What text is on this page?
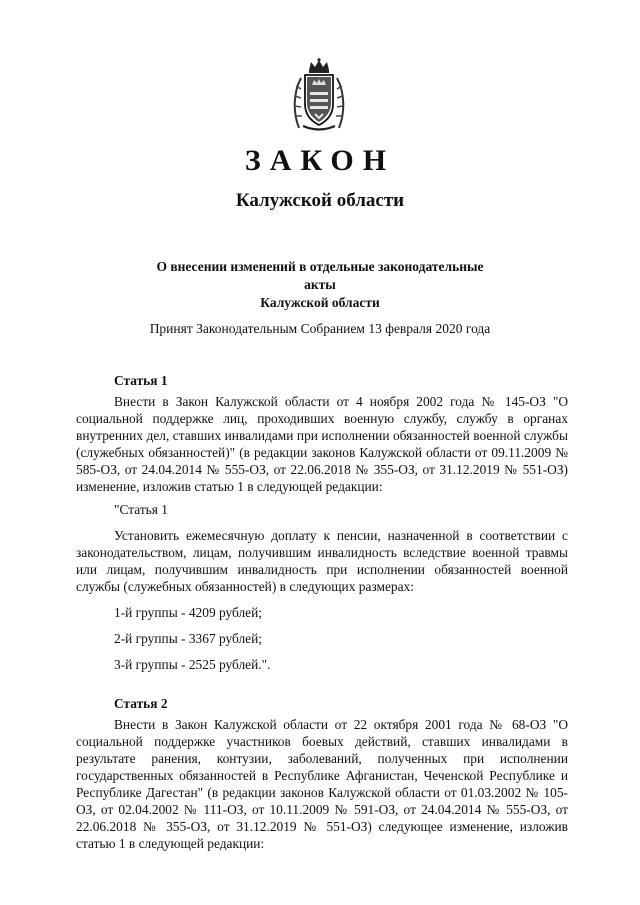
ЗАКОН
Калужской области
О внесении изменений в отдельные законодательные акты
Калужской области
Принят Законодательным Собранием 13 февраля 2020 года
Статья 1

Внести в Закон Калужской области от 4 ноября 2002 года № 145-ОЗ "О социальной поддержке лиц, проходивших военную службу, службу в органах внутренних дел, ставших инвалидами при исполнении обязанностей военной службы (служебных обязанностей)" (в редакции законов Калужской области от 09.11.2009 № 585-ОЗ, от 24.04.2014 № 555-ОЗ, от 22.06.2018 № 355-ОЗ, от 31.12.2019 № 551-ОЗ) изменение, изложив статью 1 в следующей редакции:

"Статья 1

Установить ежемесячную доплату к пенсии, назначенной в соответствии с законодательством, лицам, получившим инвалидность вследствие военной травмы или лицам, получившим инвалидность при исполнении обязанностей военной службы (служебных обязанностей) в следующих размерах:

1-й группы - 4209 рублей;

2-й группы - 3367 рублей;

3-й группы - 2525 рублей.".

Статья 2

Внести в Закон Калужской области от 22 октября 2001 года № 68-ОЗ "О социальной поддержке участников боевых действий, ставших инвалидами в результате ранения, контузии, заболеваний, полученных при исполнении государственных обязанностей в Республике Афганистан, Чеченской Республике и Республике Дагестан" (в редакции законов Калужской области от 01.03.2002 № 105-ОЗ, от 02.04.2002 № 111-ОЗ, от 10.11.2009 № 591-ОЗ, от 24.04.2014 № 555-ОЗ, от 22.06.2018 № 355-ОЗ, от 31.12.2019 № 551-ОЗ) следующее изменение, изложив статью 1 в следующей редакции:
